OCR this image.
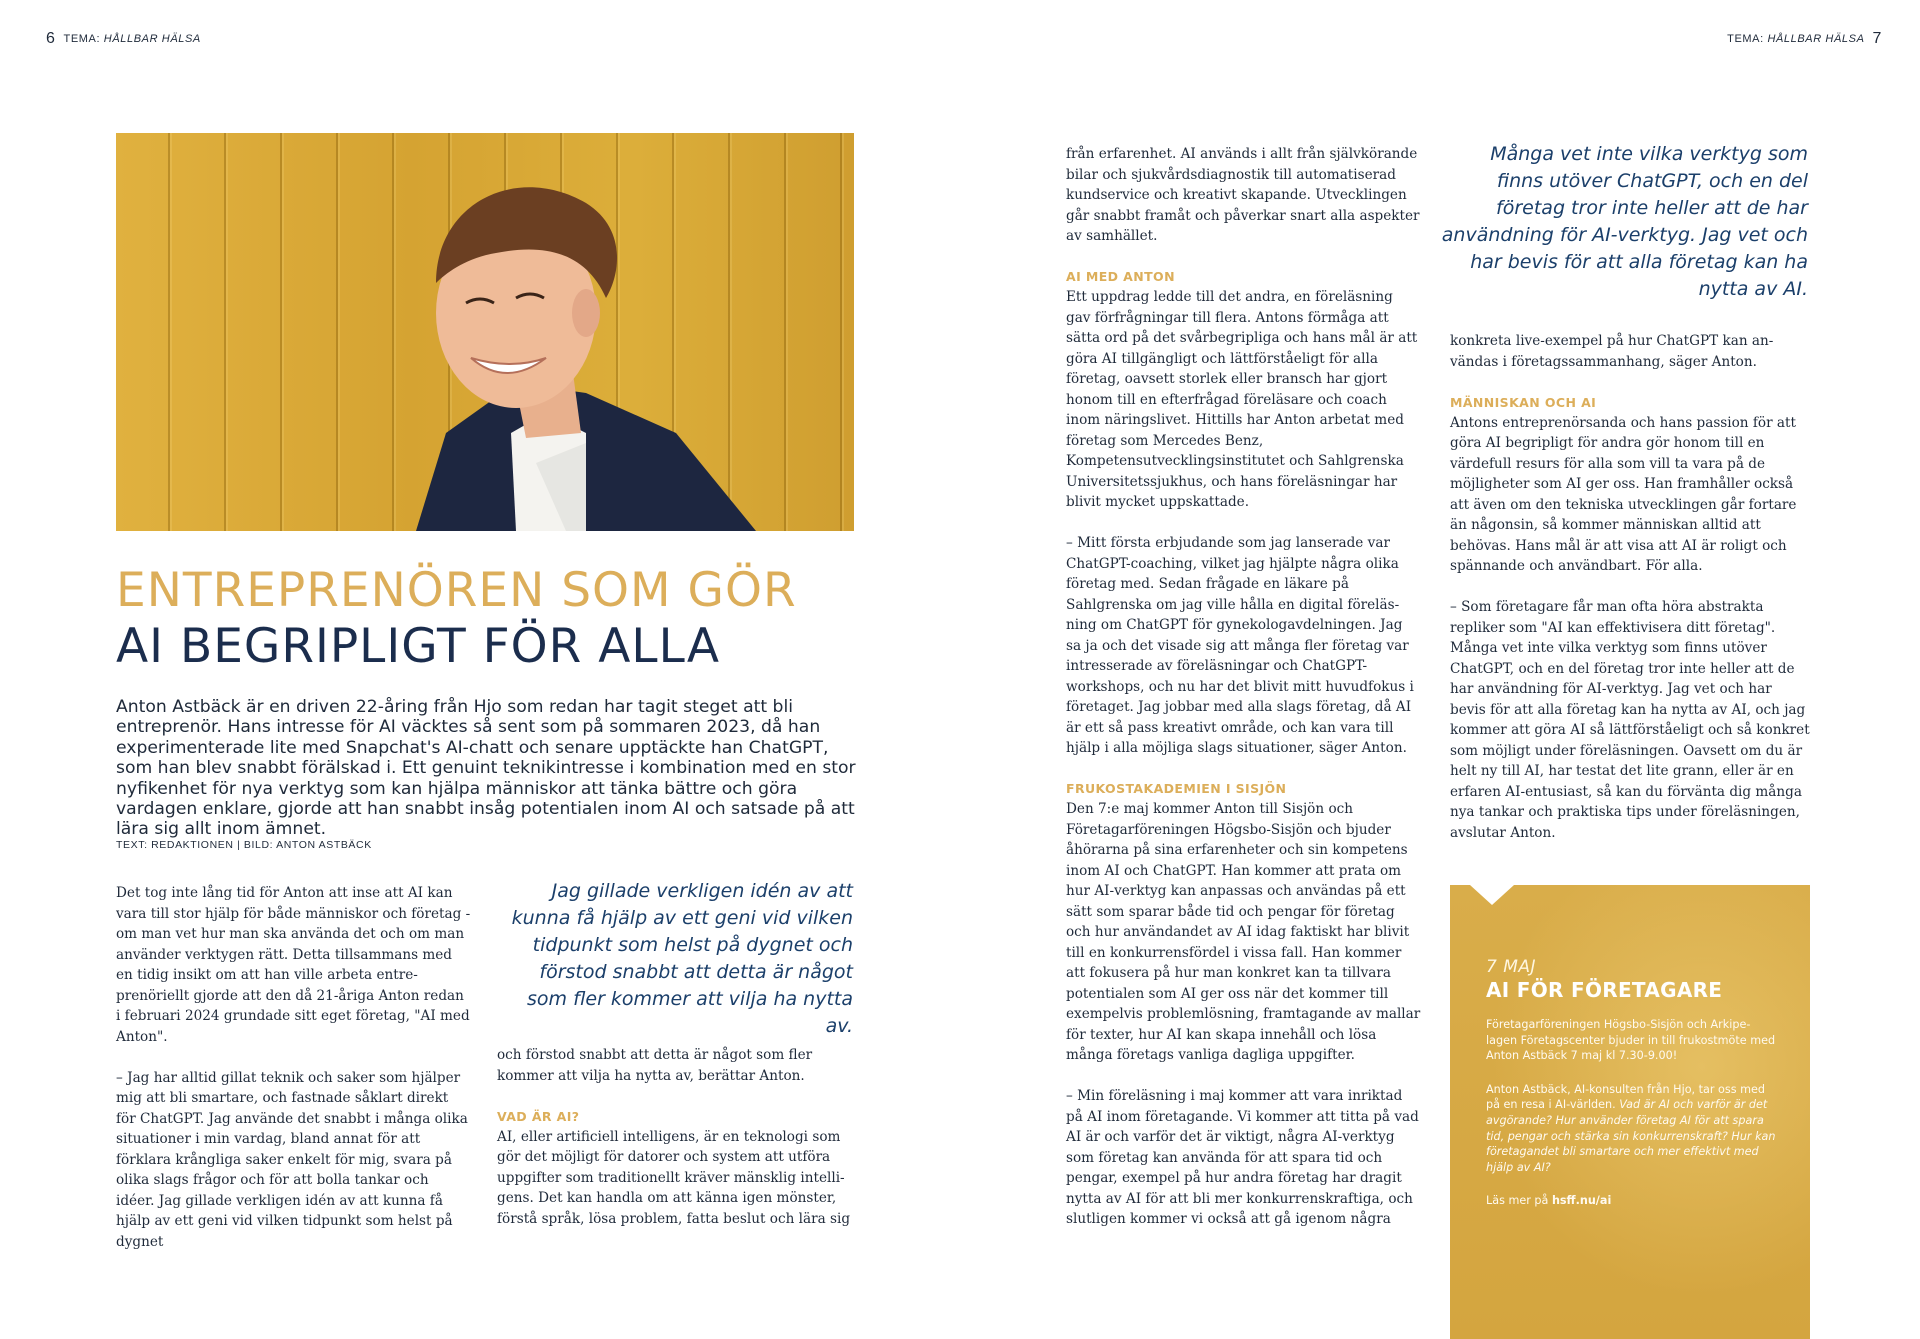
6 TEMA: HÅLLBAR HÄLSA
ENTREPRENÖREN SOM GÖR
AI BEGRIPLIGT FÖR ALLA
Anton Astbäck är en driven 22-åring från Hjo som redan har tagit steget att bli entreprenör. Hans intresse för AI väcktes så sent som på sommaren 2023, då han experimenterade lite med Snapchat's AI-chatt och senare upptäckte han ChatGPT, som han blev snabbt förälskad i. Ett genuint teknikintresse i kombination med en stor nyfikenhet för nya verktyg som kan hjälpa människor att tänka bättre och göra vardagen enklare, gjorde att han snabbt insåg potentialen inom AI och satsade på att lära sig allt inom ämnet.
TEXT: REDAKTIONEN | BILD: ANTON ASTBÄCK

Det tog inte lång tid för Anton att inse att AI kan vara till stor hjälp för både människor och företag - om man vet hur man ska använda det och om man använder verktygen rätt. Detta tillsammans med en tidig insikt om att han ville arbeta entreprenöriellt gjorde att den då 21-åriga Anton redan i februari 2024 grundade sitt eget företag, "AI med Anton".

– Jag har alltid gillat teknik och saker som hjälper mig att bli smartare, och fastnade såklart direkt för ChatGPT. Jag använde det snabbt i många olika situationer i min vardag, bland annat för att förklara krångliga saker enkelt för mig, svara på olika slags frågor och för att bolla tankar och idéer. Jag gillade verkligen idén av att kunna få hjälp av ett geni vid vilken tidpunkt som helst på dygnet

Jag gillade verkligen idén av att kunna få hjälp av ett geni vid vilken tidpunkt som helst på dygnet och förstod snabbt att detta är något som fler kommer att vilja ha nytta av.

och förstod snabbt att detta är något som fler kommer att vilja ha nytta av, berättar Anton.

VAD ÄR AI?

AI, eller artificiell intelligens, är en teknologi som gör det möjligt för datorer och system att utföra uppgifter som traditionellt kräver mänsklig intelligens. Det kan handla om att känna igen mönster, förstå språk, lösa problem, fatta beslut och lära sig

TEMA: HÅLLBAR HÄLSA 7

från erfarenhet. AI används i allt från självkörande bilar och sjukvårdsdiagnostik till automatiserad kundservice och kreativt skapande. Utvecklingen går snabbt framåt och påverkar snart alla aspekter av samhället.

AI MED ANTON

Ett uppdrag ledde till det andra, en föreläsning gav förfrågningar till flera. Antons förmåga att sätta ord på det svårbegripliga och hans mål är att göra AI tillgängligt och lättförståeligt för alla företag, oavsett storlek eller bransch har gjort honom till en efterfrågad föreläsare och coach inom näringslivet. Hittills har Anton arbetat med företag som Mercedes Benz, Kompetensutvecklingsinstitutet och Sahlgrenska Universitetssjukhus, och hans föreläsningar har blivit mycket uppskattade.

– Mitt första erbjudande som jag lanserade var ChatGPT-coaching, vilket jag hjälpte några olika företag med. Sedan frågade en läkare på Sahlgrenska om jag ville hålla en digital föreläsning om ChatGPT för gynekologavdelningen. Jag sa ja och det visade sig att många fler företag var intresserade av föreläsningar och ChatGPT-workshops, och nu har det blivit mitt huvudfokus i företaget. Jag jobbar med alla slags företag, då AI är ett så pass kreativt område, och kan vara till hjälp i alla möjliga slags situationer, säger Anton.

FRUKOSTAKADEMIEN I SISJÖN

Den 7:e maj kommer Anton till Sisjön och Företagarföreningen Högsbo-Sisjön och bjuder åhörarna på sina erfarenheter och sin kompetens inom AI och ChatGPT. Han kommer att prata om hur AI-verktyg kan anpassas och användas på ett sätt som sparar både tid och pengar för företag och hur användandet av AI idag faktiskt har blivit till en konkurrensfördel i vissa fall. Han kommer att fokusera på hur man konkret kan ta tillvara potentialen som AI ger oss när det kommer till exempelvis problemlösning, framtagande av mallar för texter, hur AI kan skapa innehåll och lösa många företags vanliga dagliga uppgifter.

– Min föreläsning i maj kommer att vara inriktad på AI inom företagande. Vi kommer att titta på vad AI är och varför det är viktigt, några AI-verktyg som företag kan använda för att spara tid och pengar, exempel på hur andra företag har dragit nytta av AI för att bli mer konkurrenskraftiga, och slutligen kommer vi också att gå igenom några

Många vet inte vilka verktyg som finns utöver ChatGPT, och en del företag tror inte heller att de har användning för AI-verktyg. Jag vet och har bevis för att alla företag kan ha nytta av AI.

konkreta live-exempel på hur ChatGPT kan användas i företagssammanhang, säger Anton.

MÄNNISKAN OCH AI

Antons entreprenörsanda och hans passion för att göra AI begripligt för andra gör honom till en värdefull resurs för alla som vill ta vara på de möjligheter som AI ger oss. Han framhåller också att även om den tekniska utvecklingen går fortare än någonsin, så kommer människan alltid att behövas. Hans mål är att visa att AI är roligt och spännande och användbart. För alla.

– Som företagare får man ofta höra abstrakta repliker som "AI kan effektivisera ditt företag". Många vet inte vilka verktyg som finns utöver ChatGPT, och en del företag tror inte heller att de har användning för AI-verktyg. Jag vet och har bevis för att alla företag kan ha nytta av AI, och jag kommer att göra AI så lättförståeligt och så konkret som möjligt under föreläsningen. Oavsett om du är helt ny till AI, har testat det lite grann, eller är en erfaren AI-entusiast, så kan du förvänta dig många nya tankar och praktiska tips under föreläsningen, avslutar Anton.

7 MAJ
AI FÖR FÖRETAGARE

Företagarföreningen Högsbo-Sisjön och Arkipelagen Företagscenter bjuder in till frukostmöte med Anton Astbäck 7 maj kl 7.30-9.00!

Anton Astbäck, AI-konsulten från Hjo, tar oss med på en resa i AI-världen. Vad är AI och varför är det avgörande? Hur använder företag AI för att spara tid, pengar och stärka sin konkurrenskraft? Hur kan företagandet bli smartare och mer effektivt med hjälp av AI?

Läs mer på hsff.nu/ai
